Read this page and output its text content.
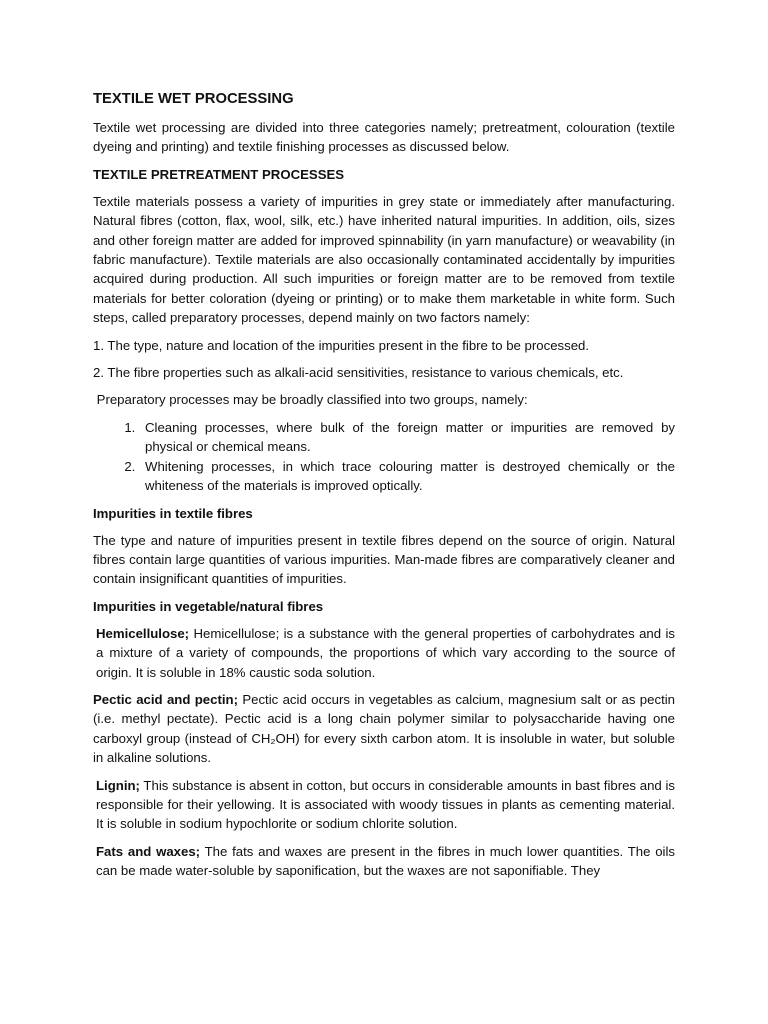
TEXTILE WET PROCESSING

Textile wet processing are divided into three categories namely; pretreatment, colouration (textile dyeing and printing) and textile finishing processes as discussed below.

TEXTILE PRETREATMENT PROCESSES

Textile materials possess a variety of impurities in grey state or immediately after manufacturing. Natural fibres (cotton, flax, wool, silk, etc.) have inherited natural impurities. In addition, oils, sizes and other foreign matter are added for improved spinnability (in yarn manufacture) or weavability (in fabric manufacture). Textile materials are also occasionally contaminated accidentally by impurities acquired during production. All such impurities or foreign matter are to be removed from textile materials for better coloration (dyeing or printing) or to make them marketable in white form. Such steps, called preparatory processes, depend mainly on two factors namely:

1. The type, nature and location of the impurities present in the fibre to be processed.

2. The fibre properties such as alkali-acid sensitivities, resistance to various chemicals, etc.

Preparatory processes may be broadly classified into two groups, namely:

1. Cleaning processes, where bulk of the foreign matter or impurities are removed by physical or chemical means.
2. Whitening processes, in which trace colouring matter is destroyed chemically or the whiteness of the materials is improved optically.
Impurities in textile fibres

The type and nature of impurities present in textile fibres depend on the source of origin. Natural fibres contain large quantities of various impurities. Man-made fibres are comparatively cleaner and contain insignificant quantities of impurities.

Impurities in vegetable/natural fibres

Hemicellulose; Hemicellulose; is a substance with the general properties of carbohydrates and is a mixture of a variety of compounds, the proportions of which vary according to the source of origin. It is soluble in 18% caustic soda solution.

Pectic acid and pectin; Pectic acid occurs in vegetables as calcium, magnesium salt or as pectin (i.e. methyl pectate). Pectic acid is a long chain polymer similar to polysaccharide having one carboxyl group (instead of CH₂OH) for every sixth carbon atom. It is insoluble in water, but soluble in alkaline solutions.

Lignin; This substance is absent in cotton, but occurs in considerable amounts in bast fibres and is responsible for their yellowing. It is associated with woody tissues in plants as cementing material. It is soluble in sodium hypochlorite or sodium chlorite solution.

Fats and waxes; The fats and waxes are present in the fibres in much lower quantities. The oils can be made water-soluble by saponification, but the waxes are not saponifiable. They
